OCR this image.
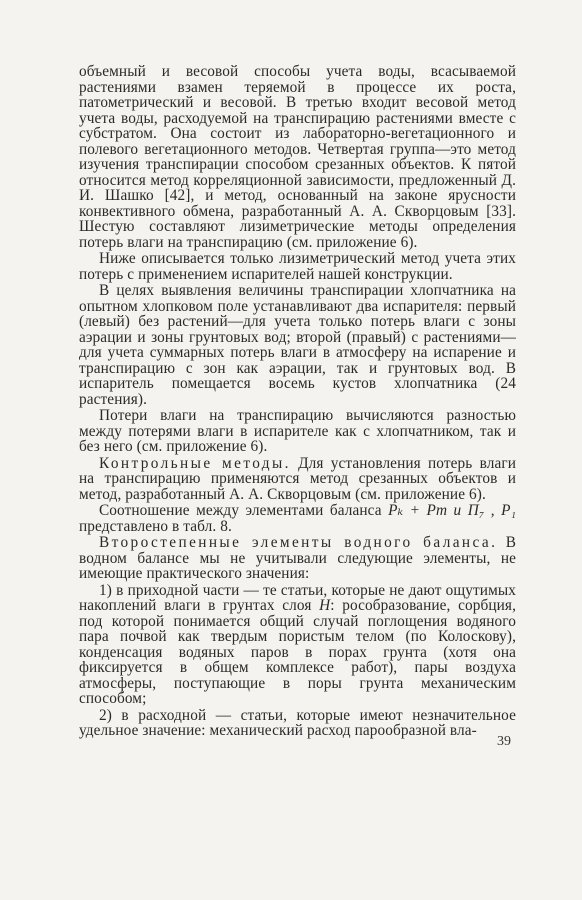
объемный и весовой способы учета воды, всасываемой растениями взамен теряемой в процессе их роста, патометрический и весовой. В третью входит весовой метод учета воды, расходуемой на транспирацию растениями вместе с субстратом. Она состоит из лабораторно-вегетационного и полевого вегетационного методов. Четвертая группа—это метод изучения транспирации способом срезанных объектов. К пятой относится метод корреляционной зависимости, предложенный Д. И. Шашко [42], и метод, основанный на законе ярусности конвективного обмена, разработанный А. А. Скворцовым [33]. Шестую составляют лизиметрические методы определения потерь влаги на транспирацию (см. приложение 6).

Ниже описывается только лизиметрический метод учета этих потерь с применением испарителей нашей конструкции.

В целях выявления величины транспирации хлопчатника на опытном хлопковом поле устанавливают два испарителя: первый (левый) без растений—для учета только потерь влаги с зоны аэрации и зоны грунтовых вод; второй (правый) с растениями—для учета суммарных потерь влаги в атмосферу на испарение и транспирацию с зон как аэрации, так и грунтовых вод. В испаритель помещается восемь кустов хлопчатника (24 растения).

Потери влаги на транспирацию вычисляются разностью между потерями влаги в испарителе как с хлопчатником, так и без него (см. приложение 6).

Контрольные методы. Для установления потерь влаги на транспирацию применяются метод срезанных объектов и метод, разработанный А. А. Скворцовым (см. приложение 6).

Соотношение между элементами баланса Pₖ + Pт и Π₇ , P₁ представлено в табл. 8.

Второстепенные элементы водного баланса. В водном балансе мы не учитывали следующие элементы, не имеющие практического значения:

1) в приходной части — те статьи, которые не дают ощутимых накоплений влаги в грунтах слоя H: рособразование, сорбция, под которой понимается общий случай поглощения водяного пара почвой как твердым пористым телом (по Колоскову), конденсация водяных паров в порах грунта (хотя она фиксируется в общем комплексе работ), пары воздуха атмосферы, поступающие в поры грунта механическим способом;

2) в расходной — статьи, которые имеют незначительное удельное значение: механический расход парообразной вла-

39
